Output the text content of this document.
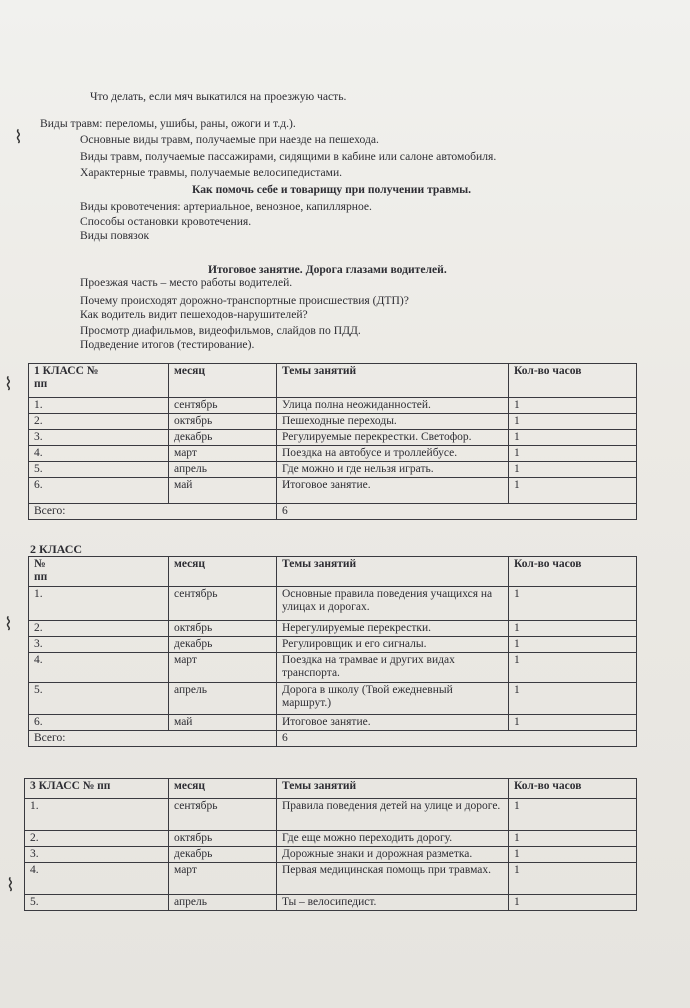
Что делать, если мяч выкатился на проезжую часть.
Виды травм: переломы, ушибы, раны, ожоги и т.д.).
Основные виды травм, получаемые при наезде на пешехода.
Виды травм, получаемые пассажирами, сидящими в кабине или салоне автомобиля.
Характерные травмы, получаемые велосипедистами.
Как помочь себе и товарищу при получении травмы.
Виды кровотечения: артериальное, венозное, капиллярное.
Способы остановки кровотечения.
Виды повязок
Итоговое занятие. Дорога глазами водителей.
Проезжая часть – место работы водителей.
Почему происходят дорожно-транспортные происшествия (ДТП)?
Как водитель видит пешеходов-нарушителей?
Просмотр диафильмов, видеофильмов, слайдов по ПДД.
Подведение итогов (тестирование).
⌇
⌇
⌇
⌇
1 КЛАСС №
пп	месяц	Темы занятий	Кол-во часов
1.	сентябрь	Улица полна неожиданностей.	1
2.	октябрь	Пешеходные переходы.	1
3.	декабрь	Регулируемые перекрестки. Светофор.	1
4.	март	Поездка на автобусе и троллейбусе.	1
5.	апрель	Где можно и где нельзя играть.	1
6.	май	Итоговое занятие.	1
Всего:		6	
2 КЛАСС
№
пп	месяц	Темы занятий	Кол-во часов
1.	сентябрь	Основные правила поведения учащихся на улицах и дорогах.	1
2.	октябрь	Нерегулируемые перекрестки.	1
3.	декабрь	Регулировщик и его сигналы.	1
4.	март	Поездка на трамвае и других видах транспорта.	1
5.	апрель	Дорога в школу (Твой ежедневный маршрут.)	1
6.	май	Итоговое занятие.	1
Всего:		6	
3 КЛАСС № пп	месяц	Темы занятий	Кол-во часов
1.	сентябрь	Правила поведения детей на улице и дороге.	1
2.	октябрь	Где еще можно переходить дорогу.	1
3.	декабрь	Дорожные знаки и дорожная разметка.	1
4.	март	Первая медицинская помощь при травмах.	1
5.	апрель	Ты – велосипедист.	1
